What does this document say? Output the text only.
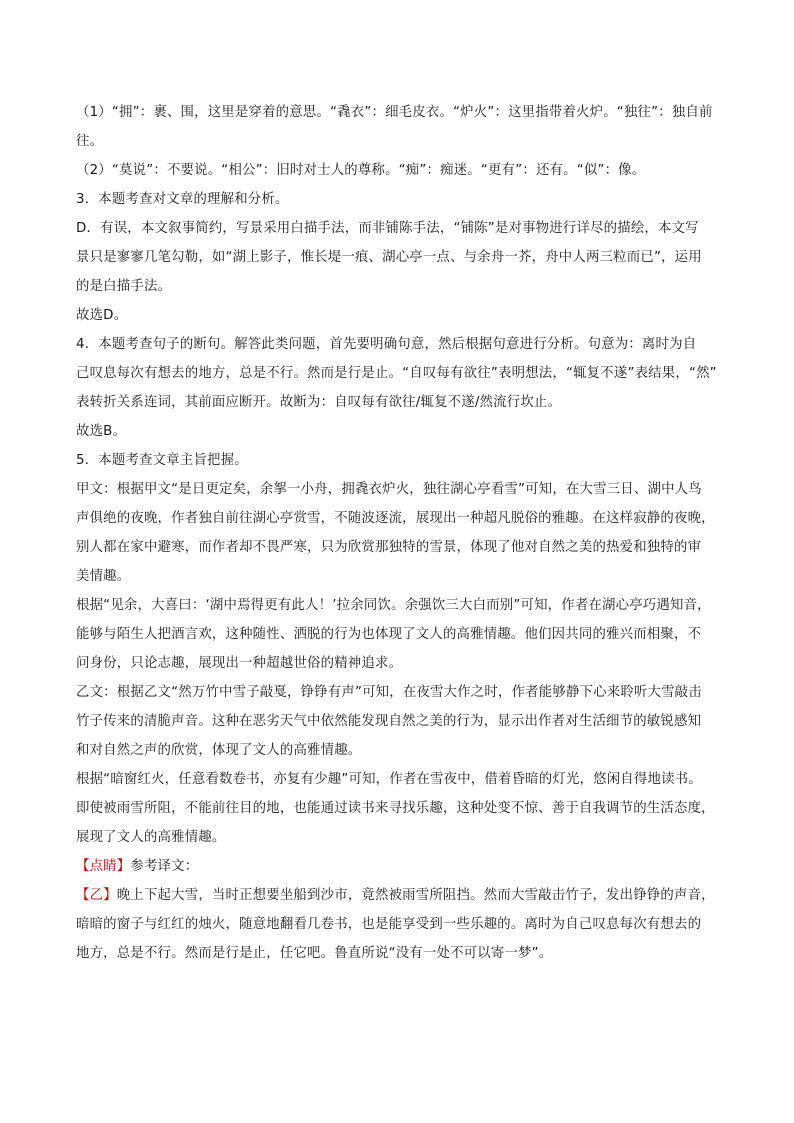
（1）“拥”：裹、围，这里是穿着的意思。“毳衣”：细毛皮衣。“炉火”：这里指带着火炉。“独往”：独自前

往。

（2）“莫说”：不要说。“相公”：旧时对士人的尊称。“痴”：痴迷。“更有”：还有。“似”：像。

3．本题考查对文章的理解和分析。

D．有误，本文叙事简约，写景采用白描手法，而非铺陈手法，“铺陈”是对事物进行详尽的描绘，本文写

景只是寥寥几笔勾勒，如“湖上影子，惟长堤一痕、湖心亭一点、与余舟一芥，舟中人两三粒而已”，运用

的是白描手法。

故选D。

4．本题考查句子的断句。解答此类问题，首先要明确句意，然后根据句意进行分析。句意为：离时为自

己叹息每次有想去的地方，总是不行。然而是行是止。“自叹每有欲往”表明想法，“辄复不遂”表结果，“然”

表转折关系连词，其前面应断开。故断为：自叹每有欲往/辄复不遂/然流行坎止。

故选B。

5．本题考查文章主旨把握。

甲文：根据甲文“是日更定矣，余挐一小舟，拥毳衣炉火，独往湖心亭看雪”可知，在大雪三日、湖中人鸟

声俱绝的夜晚，作者独自前往湖心亭赏雪，不随波逐流，展现出一种超凡脱俗的雅趣。在这样寂静的夜晚，

别人都在家中避寒，而作者却不畏严寒，只为欣赏那独特的雪景，体现了他对自然之美的热爱和独特的审

美情趣。

根据“见余，大喜曰：‘湖中焉得更有此人！’拉余同饮。余强饮三大白而别”可知，作者在湖心亭巧遇知音，

能够与陌生人把酒言欢，这种随性、洒脱的行为也体现了文人的高雅情趣。他们因共同的雅兴而相聚，不

问身份，只论志趣，展现出一种超越世俗的精神追求。

乙文：根据乙文“然万竹中雪子敲戛，铮铮有声”可知，在夜雪大作之时，作者能够静下心来聆听大雪敲击

竹子传来的清脆声音。这种在恶劣天气中依然能发现自然之美的行为，显示出作者对生活细节的敏锐感知

和对自然之声的欣赏，体现了文人的高雅情趣。

根据“暗窗红火，任意看数卷书，亦复有少趣”可知，作者在雪夜中，借着昏暗的灯光，悠闲自得地读书。

即使被雨雪所阻，不能前往目的地，也能通过读书来寻找乐趣，这种处变不惊、善于自我调节的生活态度，

展现了文人的高雅情趣。

【点睛】参考译文：

【乙】晚上下起大雪，当时正想要坐船到沙市，竟然被雨雪所阻挡。然而大雪敲击竹子，发出铮铮的声音，

暗暗的窗子与红红的烛火，随意地翻看几卷书，也是能享受到一些乐趣的。离时为自己叹息每次有想去的

地方，总是不行。然而是行是止，任它吧。鲁直所说“没有一处不可以寄一梦”。
